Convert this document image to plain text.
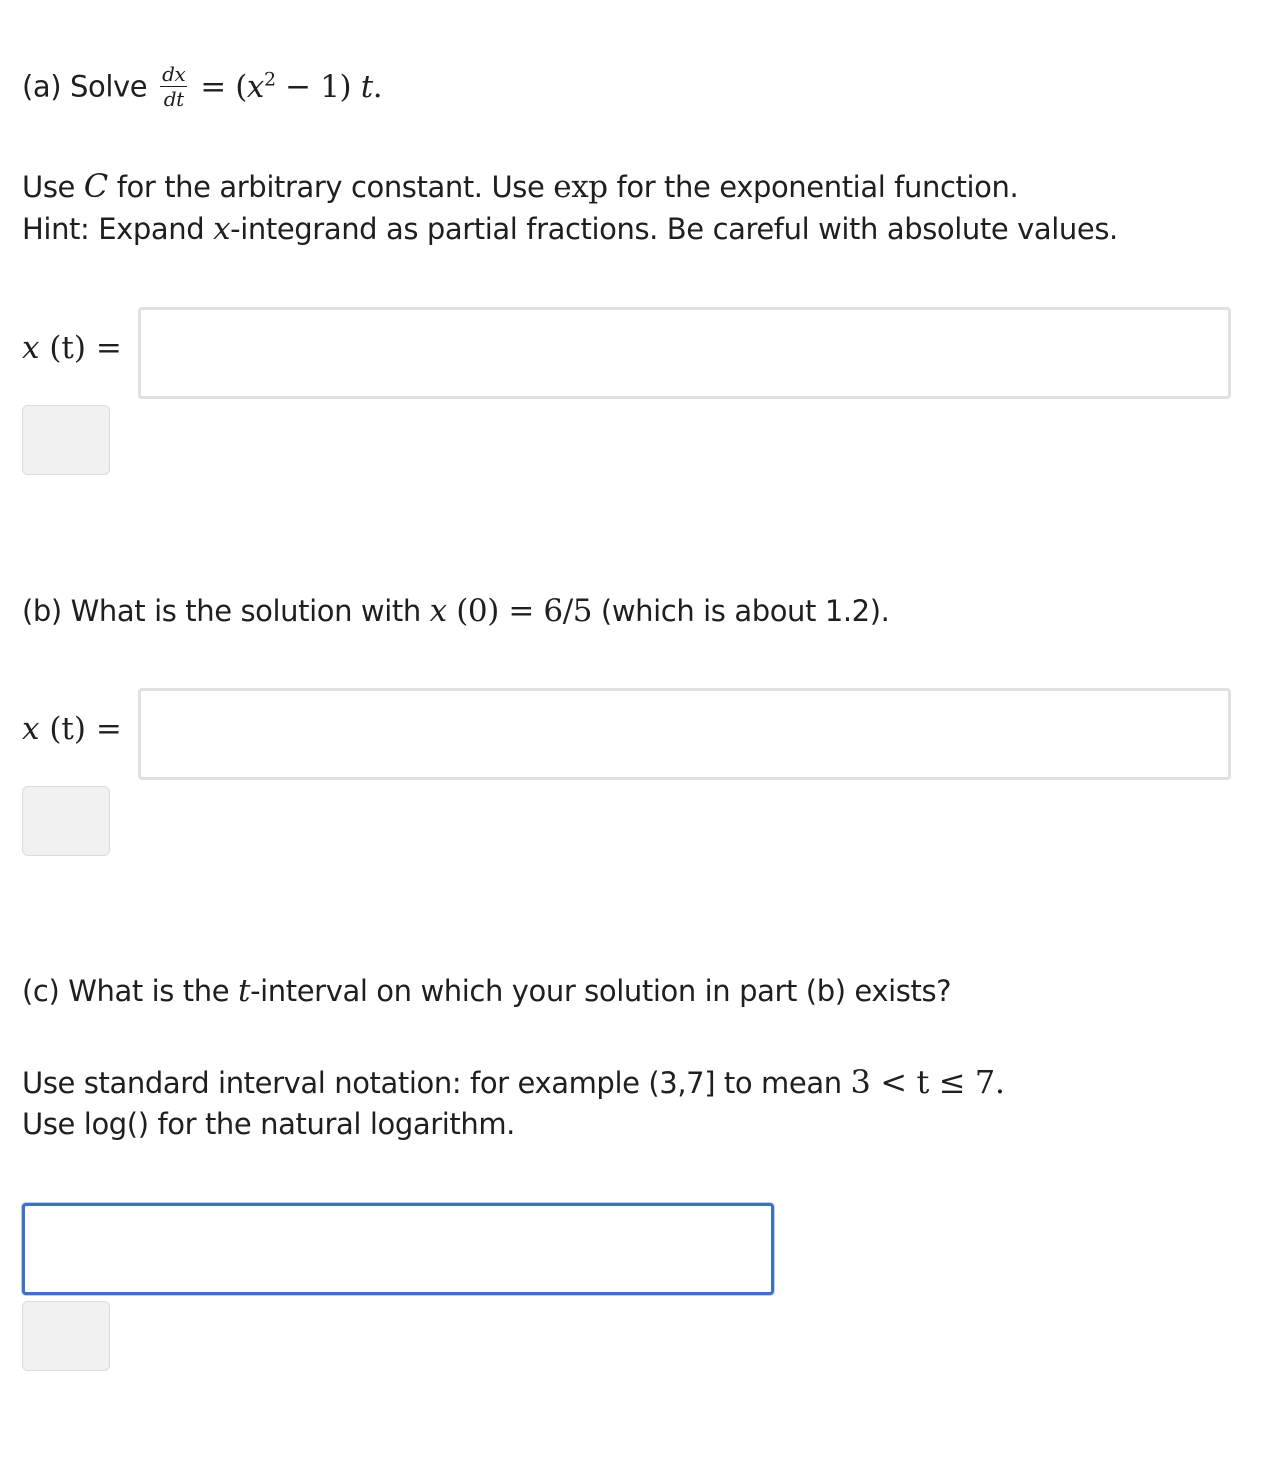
(a) Solve $\frac{dx}{dt} = (x^2 - 1)$ t.
Use C for the arbitrary constant. Use exp for the exponential function.
Hint: Expand x-integrand as partial fractions. Be careful with absolute values.
x (t) =
(b) What is the solution with x (0) = 6/5 (which is about 1.2).
x (t) =
(c) What is the t-interval on which your solution in part (b) exists?
Use standard interval notation: for example (3,7] to mean 3 < t ≤ 7.
Use log() for the natural logarithm.
